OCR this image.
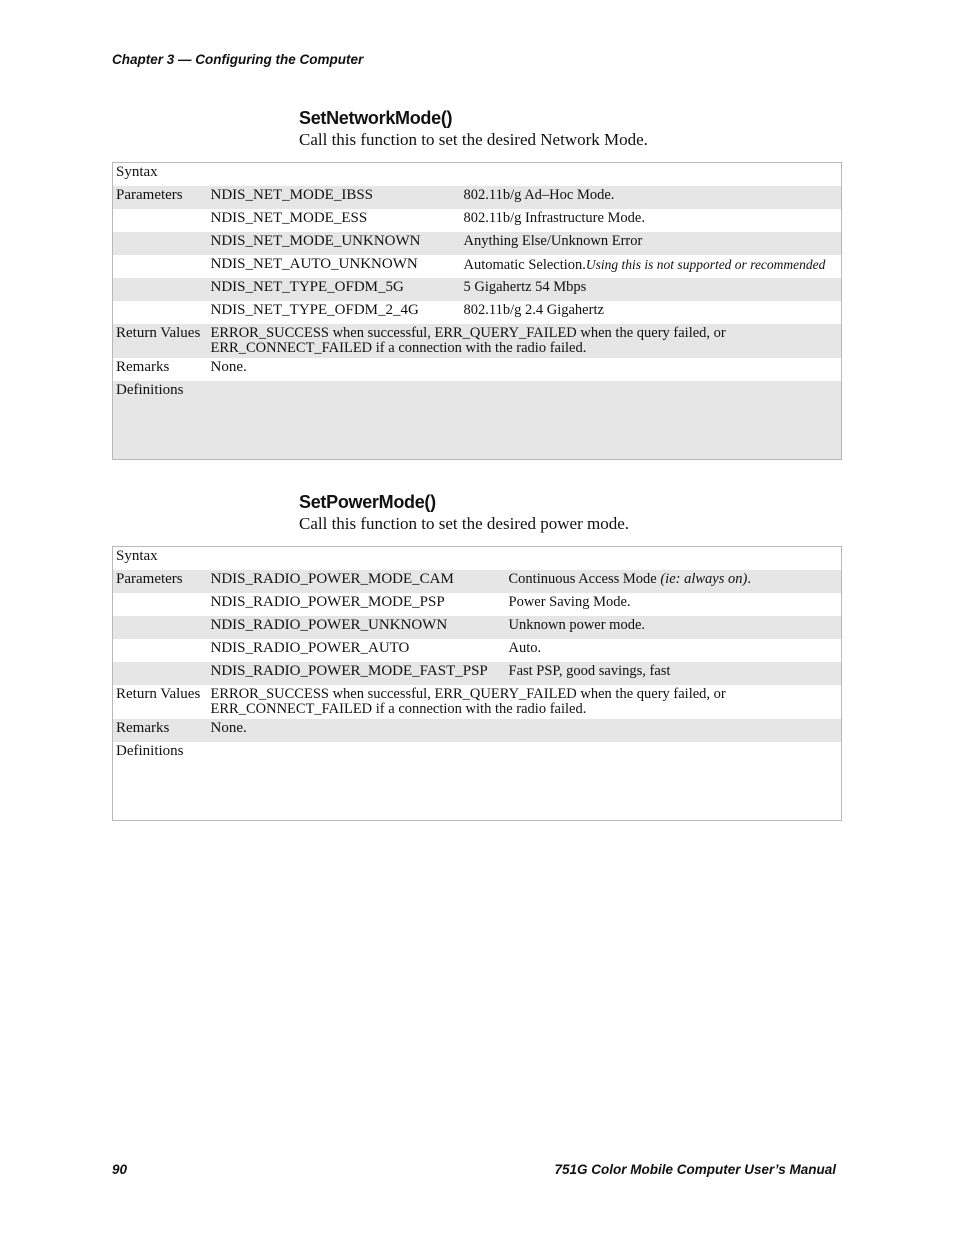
Chapter 3 — Configuring the Computer
SetNetworkMode()
Call this function to set the desired Network Mode.
Syntax		
Parameters	NDIS_NET_MODE_IBSS	802.11b/g Ad–Hoc Mode.
	NDIS_NET_MODE_ESS	802.11b/g Infrastructure Mode.
	NDIS_NET_MODE_UNKNOWN	Anything Else/Unknown Error
	NDIS_NET_AUTO_UNKNOWN	Automatic Selection.Using this is not supported or recommended
	NDIS_NET_TYPE_OFDM_5G	5 Gigahertz 54 Mbps
	NDIS_NET_TYPE_OFDM_2_4G	802.11b/g 2.4 Gigahertz
Return Values	ERROR_SUCCESS when successful, ERR_QUERY_FAILED when the query failed, or
ERR_CONNECT_FAILED if a connection with the radio failed.	

Remarks	None.	
Definitions		
SetPowerMode()
Call this function to set the desired power mode.
Syntax		
Parameters	NDIS_RADIO_POWER_MODE_CAM	Continuous Access Mode (ie: always on).
	NDIS_RADIO_POWER_MODE_PSP	Power Saving Mode.
	NDIS_RADIO_POWER_UNKNOWN	Unknown power mode.
	NDIS_RADIO_POWER_AUTO	Auto.
	NDIS_RADIO_POWER_MODE_FAST_PSP	Fast PSP, good savings, fast
Return Values	ERROR_SUCCESS when successful, ERR_QUERY_FAILED when the query failed, or
ERR_CONNECT_FAILED if a connection with the radio failed.	

Remarks	None.	
Definitions		
90	751G Color Mobile Computer User’s Manual
